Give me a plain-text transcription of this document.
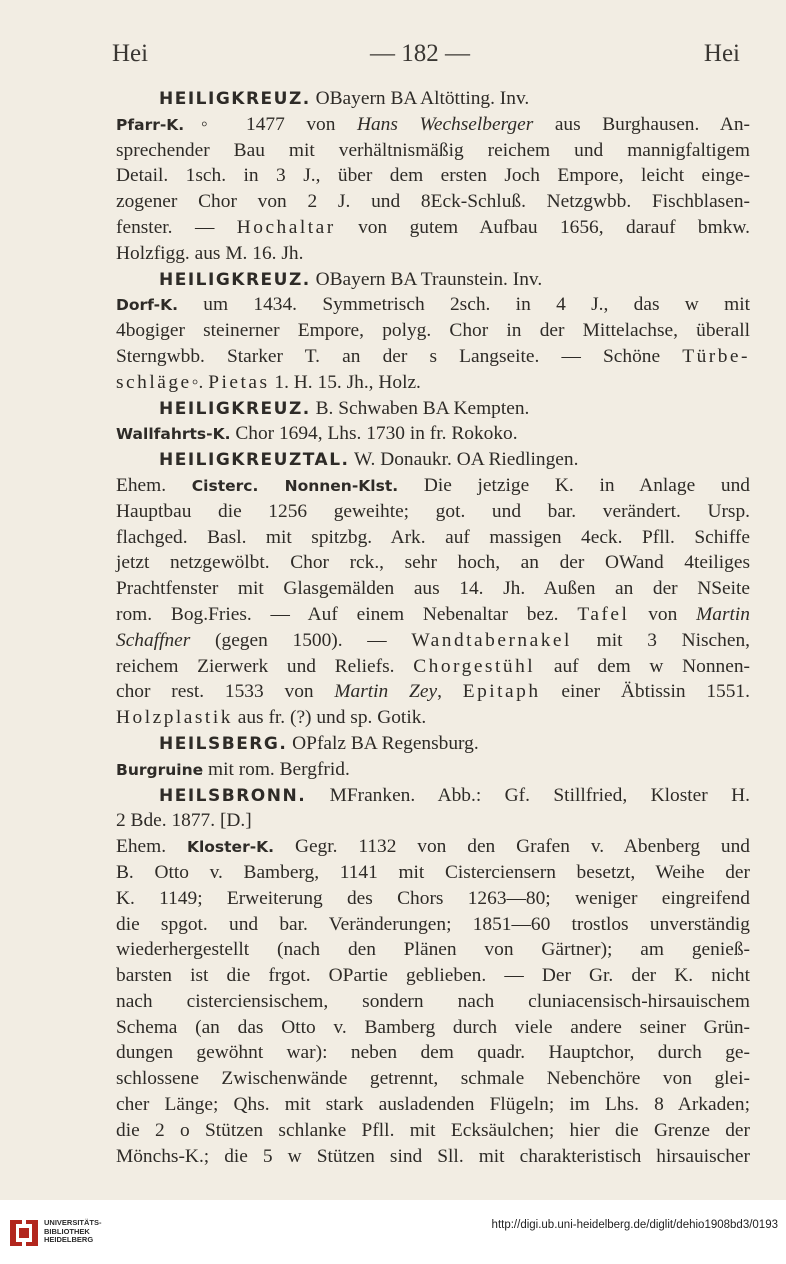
Hei	— 182 —	Hei
HEILIGKREUZ. OBayern BA Altötting. Inv.
Pfarr-K.◦ 1477 von Hans Wechselberger aus Burghausen. An-
sprechender Bau mit verhältnismäßig reichem und mannigfaltigem
Detail. 1sch. in 3 J., über dem ersten Joch Empore, leicht einge-
zogener Chor von 2 J. und 8Eck-Schluß. Netzgwbb. Fischblasen-
fenster. — Hochaltar von gutem Aufbau 1656, darauf bmkw.
Holzfigg. aus M. 16. Jh.
HEILIGKREUZ. OBayern BA Traunstein. Inv.
Dorf-K. um 1434. Symmetrisch 2sch. in 4 J., das w mit
4bogiger steinerner Empore, polyg. Chor in der Mittelachse, überall
Sterngwbb. Starker T. an der s Langseite. — Schöne Türbe-
schläge◦. Pietas 1. H. 15. Jh., Holz.
HEILIGKREUZ. B. Schwaben BA Kempten.
Wallfahrts-K. Chor 1694, Lhs. 1730 in fr. Rokoko.
HEILIGKREUZTAL. W. Donaukr. OA Riedlingen.
Ehem. Cisterc. Nonnen-Klst. Die jetzige K. in Anlage und
Hauptbau die 1256 geweihte; got. und bar. verändert. Ursp.
flachged. Basl. mit spitzbg. Ark. auf massigen 4eck. Pfll. Schiffe
jetzt netzgewölbt. Chor rck., sehr hoch, an der OWand 4teiliges
Prachtfenster mit Glasgemälden aus 14. Jh. Außen an der NSeite
rom. Bog.Fries. — Auf einem Nebenaltar bez. Tafel von Martin
Schaffner (gegen 1500). — Wandtabernakel mit 3 Nischen,
reichem Zierwerk und Reliefs. Chorgestühl auf dem w Nonnen-
chor rest. 1533 von Martin Zey, Epitaph einer Äbtissin 1551.
Holzplastik aus fr. (?) und sp. Gotik.
HEILSBERG. OPfalz BA Regensburg.
Burgruine mit rom. Bergfrid.
HEILSBRONN. MFranken. Abb.: Gf. Stillfried, Kloster H.
2 Bde. 1877. [D.]
Ehem. Kloster-K. Gegr. 1132 von den Grafen v. Abenberg und
B. Otto v. Bamberg, 1141 mit Cisterciensern besetzt, Weihe der
K. 1149; Erweiterung des Chors 1263—80; weniger eingreifend
die spgot. und bar. Veränderungen; 1851—60 trostlos unverständig
wiederhergestellt (nach den Plänen von Gärtner); am genieß-
barsten ist die frgot. OPartie geblieben. — Der Gr. der K. nicht
nach cisterciensischem, sondern nach cluniacensisch-hirsauischem
Schema (an das Otto v. Bamberg durch viele andere seiner Grün-
dungen gewöhnt war): neben dem quadr. Hauptchor, durch ge-
schlossene Zwischenwände getrennt, schmale Nebenchöre von glei-
cher Länge; Qhs. mit stark ausladenden Flügeln; im Lhs. 8 Arkaden;
die 2 o Stützen schlanke Pfll. mit Ecksäulchen; hier die Grenze der
Mönchs-K.; die 5 w Stützen sind Sll. mit charakteristisch hirsauischer
UNIVERSITÄTS-
BIBLIOTHEK
HEIDELBERG
http://digi.ub.uni-heidelberg.de/diglit/dehio1908bd3/0193
